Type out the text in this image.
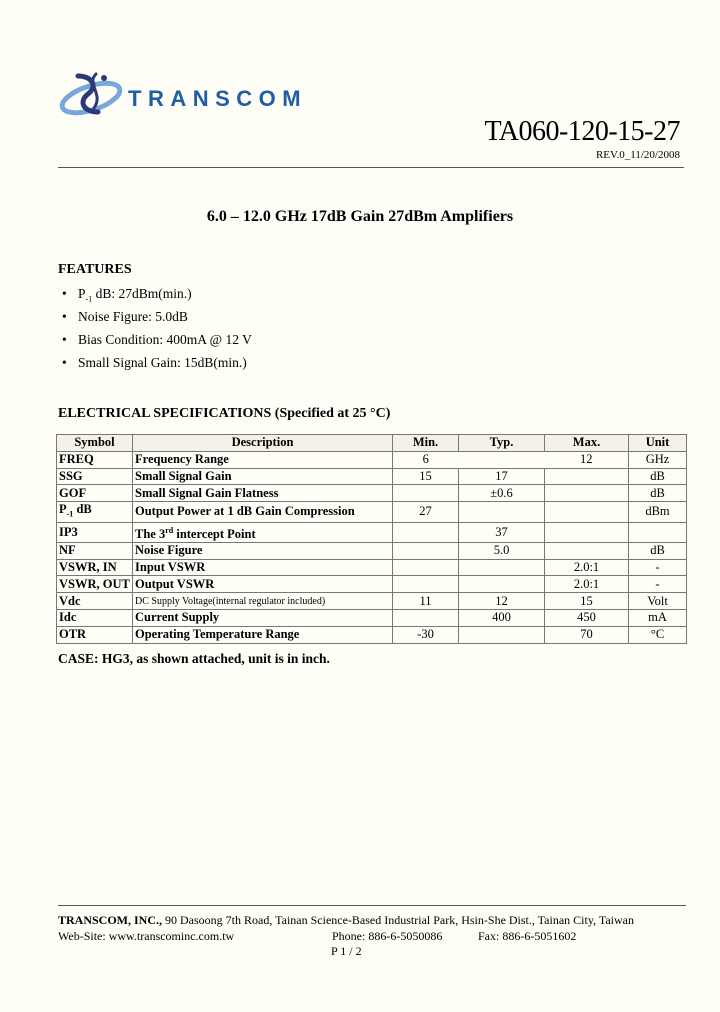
TRANSCOM
TA060-120-15-27
REV.0_11/20/2008
6.0 – 12.0 GHz 17dB Gain 27dBm Amplifiers
FEATURES
• $P_{-1}$ dB: 27dBm(min.)
• Noise Figure: 5.0dB
• Bias Condition: 400mA @ 12 V
• Small Signal Gain: 15dB(min.)
ELECTRICAL SPECIFICATIONS (Specified at 25 °C)
Symbol	Description	Min.	Typ.	Max.	Unit
FREQ	Frequency Range	6		12	GHz
SSG	Small Signal Gain	15	17		dB
GOF	Small Signal Gain Flatness		±0.6		dB
$P_{-1}$ dB	Output Power at 1 dB Gain Compression	27			dBm
IP3	The 3rd intercept Point		37		
NF	Noise Figure		5.0		dB
VSWR, IN	Input VSWR			2.0:1	-
VSWR, OUT	Output VSWR			2.0:1	-
Vdc	DC Supply Voltage(internal regulator included)	11	12	15	Volt
Idc	Current Supply		400	450	mA
OTR	Operating Temperature Range	-30		70	°C
CASE: HG3, as shown attached, unit is in inch.
TRANSCOM, INC., 90 Dasoong 7th Road, Tainan Science-Based Industrial Park, Hsin-She Dist., Tainan City, Taiwan
Web-Site: www.transcominc.com.tw	Phone: 886-6-5050086	Fax: 886-6-5051602
P 1 / 2
